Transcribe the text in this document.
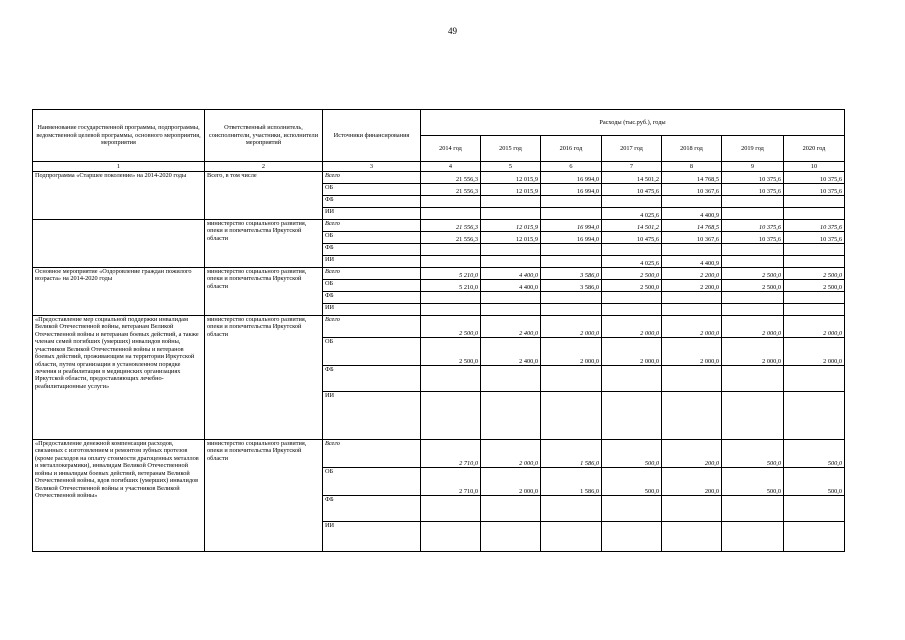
49
Наименование государственной программы, подпрограммы, ведомственной целевой программы, основного мероприятия, мероприятия	Ответственный исполнитель, соисполнители, участники, исполнители мероприятий	Источники финансирования	Расходы (тыс.руб.), годы						
			2014 год	2015 год	2016 год	2017 год	2018 год	2019 год	2020 год
1	2	3	4	5	6	7	8	9	10
Подпрограмма «Старшее поколение» на 2014-2020 годы	Всего, в том числе	Всего	21 556,3	12 015,9	16 994,0	14 501,2	14 768,5	10 375,6	10 375,6
		ОБ	21 556,3	12 015,9	16 994,0	10 475,6	10 367,6	10 375,6	10 375,6
		ФБ							
		ИИ				4 025,6	4 400,9		
	министерство социального развития, опеки и попечительства Иркутской области	Всего	21 556,3	12 015,9	16 994,0	14 501,2	14 768,5	10 375,6	10 375,6
		ОБ	21 556,3	12 015,9	16 994,0	10 475,6	10 367,6	10 375,6	10 375,6
		ФБ							
		ИИ				4 025,6	4 400,9		
Основное мероприятие «Оздоровление граждан пожилого возраста» на 2014-2020 годы	министерство социального развития, опеки и попечительства Иркутской области	Всего	5 210,0	4 400,0	3 586,0	2 500,0	2 200,0	2 500,0	2 500,0
		ОБ	5 210,0	4 400,0	3 586,0	2 500,0	2 200,0	2 500,0	2 500,0
		ФБ							
		ИИ							
«Предоставление мер социальной поддержки инвалидам Великой Отечественной войны, ветеранам Великой Отечественной войны и ветеранам боевых действий, а также членам семей погибших (умерших) инвалидов войны, участников Великой Отечественной войны и ветеранов боевых действий, проживающим на территории Иркутской области, путем организации в установленном порядке лечения и реабилитации в медицинских организациях Иркутской области, предоставляющих лечебно-реабилитационные услуги»	министерство социального развития, опеки и попечительства Иркутской области	Всего	2 500,0	2 400,0	2 000,0	2 000,0	2 000,0	2 000,0	2 000,0
		ОБ	2 500,0	2 400,0	2 000,0	2 000,0	2 000,0	2 000,0	2 000,0
		ФБ							
		ИИ							
«Предоставление денежной компенсации расходов, связанных с изготовлением и ремонтом зубных протезов (кроме расходов на оплату стоимости драгоценных металлов и металлокерамики), инвалидам Великой Отечественной войны и инвалидам боевых действий, ветеранам Великой Отечественной войны, вдов погибших (умерших) инвалидов Великой Отечественной войны и участников Великой Отечественной войны»	министерство социального развития, опеки и попечительства Иркутской области	Всего	2 710,0	2 000,0	1 586,0	500,0	200,0	500,0	500,0
		ОБ	2 710,0	2 000,0	1 586,0	500,0	200,0	500,0	500,0
		ФБ							
		ИИ							
